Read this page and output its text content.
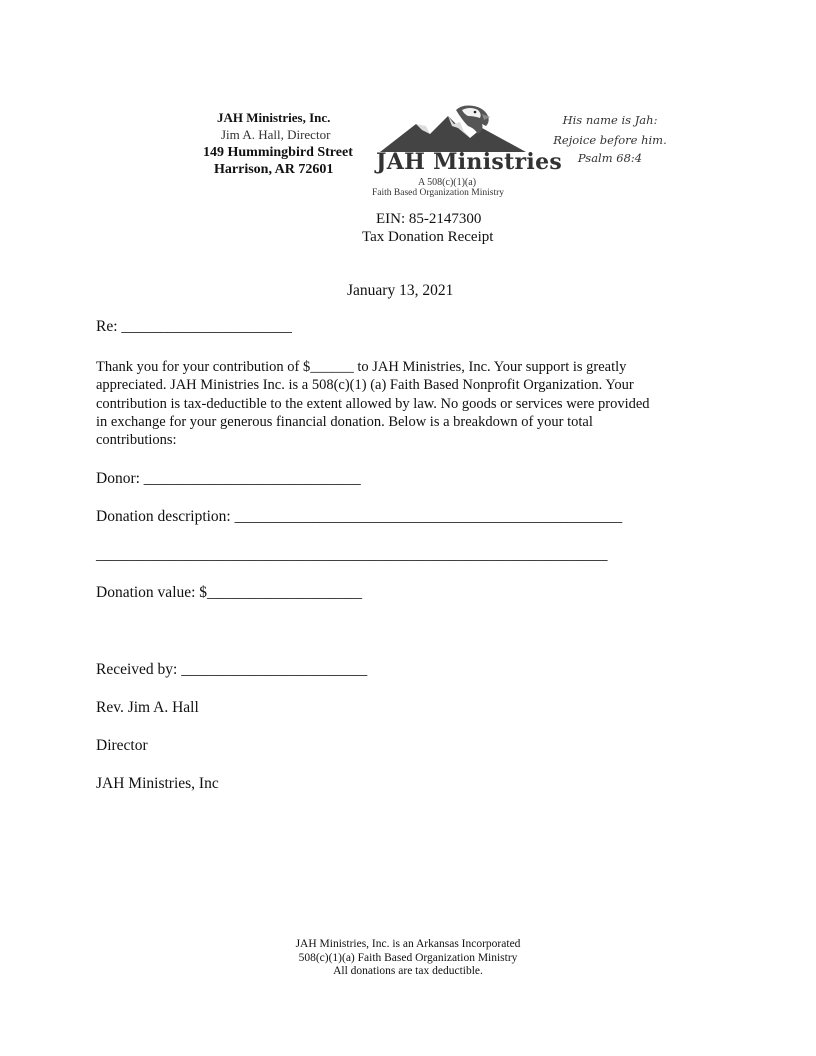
JAH Ministries, Inc.
Jim A. Hall, Director
149 Hummingbird Street
Harrison, AR 72601 JAH Ministries
A 508(c)(1)(a)
Faith Based Organization Ministry
His name is Jah:
Rejoice before him.
Psalm 68:4
EIN: 85-2147300
Tax Donation Receipt
January 13, 2021
Re: ______________________
Thank you for your contribution of $______ to JAH Ministries, Inc. Your support is greatly
appreciated. JAH Ministries Inc. is a 508(c)(1) (a) Faith Based Nonprofit Organization. Your
contribution is tax-deductible to the extent allowed by law. No goods or services were provided
in exchange for your generous financial donation. Below is a breakdown of your total
contributions:
Donor: ____________________________
Donation description: __________________________________________________
__________________________________________________________________
Donation value: $____________________
Received by: ________________________
Rev. Jim A. Hall
Director
JAH Ministries, Inc
JAH Ministries, Inc. is an Arkansas Incorporated
508(c)(1)(a) Faith Based Organization Ministry
All donations are tax deductible.
